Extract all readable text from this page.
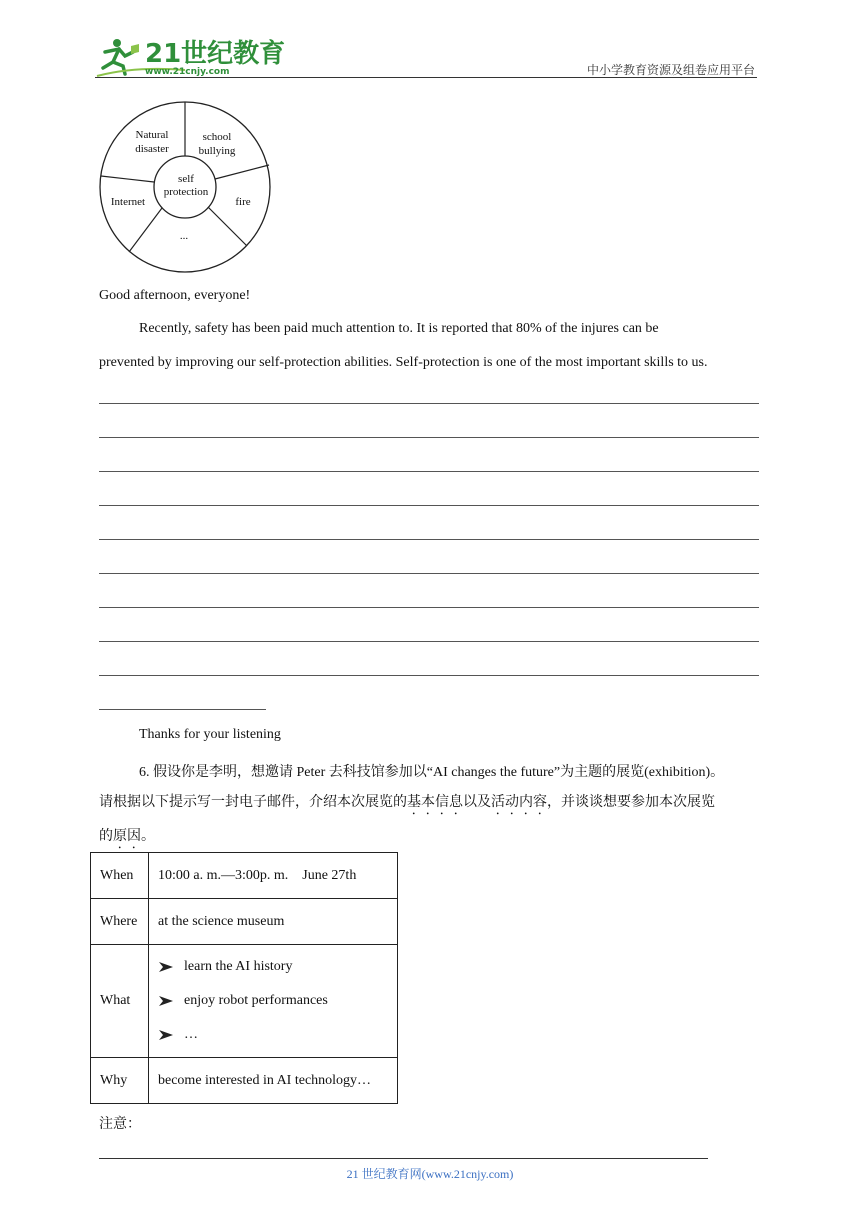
21世纪教育
www.21cnjy.com	中小学教育资源及组卷应用平台
self
protection
Natural
disaster
school
bullying
fire
...
Internet
Good afternoon, everyone!
Recently, safety has been paid much attention to. It is reported that 80% of the injures can be
prevented by improving our self-protection abilities. Self-protection is one of the most important skills to us.
Thanks for your listening
6. 假设你是李明，想邀请 Peter 去科技馆参加以“AI changes the future”为主题的展览(exhibition)。
请根据以下提示写一封电子邮件，介绍本次展览的基本信息以及活动内容，并谈谈想要参加本次展览
的原因。
When	10:00 a. m.—3:00p. m.    June 27th
Where	at the science museum
What	learn the AI history
enjoy robot performances
…

Why	become interested in AI technology…
注意：
21 世纪教育网(www.21cnjy.com)
